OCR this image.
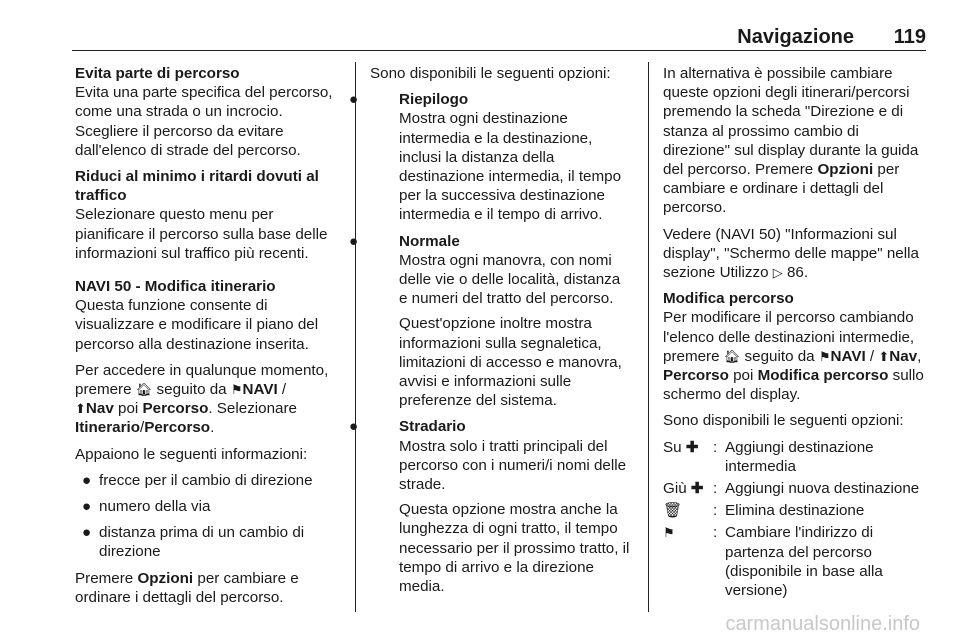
Navigazione 119
Evita parte di percorso
Evita una parte specifica del percorso, come una strada o un incrocio. Scegliere il percorso da evitare dall'elenco di strade del percorso.
Riduci al minimo i ritardi dovuti al traffico
Selezionare questo menu per pianificare il percorso sulla base delle informazioni sul traffico più recenti.
NAVI 50 - Modifica itinerario
Questa funzione consente di visualizzare e modificare il piano del percorso alla destinazione inserita.

Per accedere in qualunque momento, premere 🏠︎ seguito da ⚑NAVI /
⬆Nav poi Percorso. Selezionare
Itinerario/Percorso.

Appaiono le seguenti informazioni:

● frecce per il cambio di direzione
● numero della via
● distanza prima di un cambio di direzione

Premere Opzioni per cambiare e ordinare i dettagli del percorso.

Sono disponibili le seguenti opzioni:

●	Riepilogo

Mostra ogni destinazione intermedia e la destinazione, inclusi la distanza della destinazione intermedia, il tempo per la successiva destinazione intermedia e il tempo di arrivo.

●	Normale

Mostra ogni manovra, con nomi delle vie o delle località, distanza e numeri del tratto del percorso.

Quest'opzione inoltre mostra informazioni sulla segnaletica, limitazioni di accesso e manovra, avvisi e informazioni sulle preferenze del sistema.

●	Stradario

Mostra solo i tratti principali del percorso con i numeri/i nomi delle strade.

Questa opzione mostra anche la lunghezza di ogni tratto, il tempo necessario per il prossimo tratto, il tempo di arrivo e la direzione media.

In alternativa è possibile cambiare queste opzioni degli itinerari/percorsi premendo la scheda "Direzione e di stanza al prossimo cambio di direzione" sul display durante la guida del percorso. Premere Opzioni per cambiare e ordinare i dettagli del percorso.

Vedere (NAVI 50) "Informazioni sul display", "Schermo delle mappe" nella sezione Utilizzo ▷ 86.

Modifica percorso
Per modificare il percorso cambiando l'elenco delle destinazioni intermedie, premere 🏠︎ seguito da ⚑NAVI / ⬆Nav, Percorso poi Modifica percorso sullo schermo del display.

Sono disponibili le seguenti opzioni:

Su ✚	:	Aggiungi destinazione intermedia
Giù ✚	:	Aggiungi nuova destinazione
🗑︎	:	Elimina destinazione
⚑	:	Cambiare l'indirizzo di partenza del percorso (disponibile in base alla versione)
carmanualsonline.info
